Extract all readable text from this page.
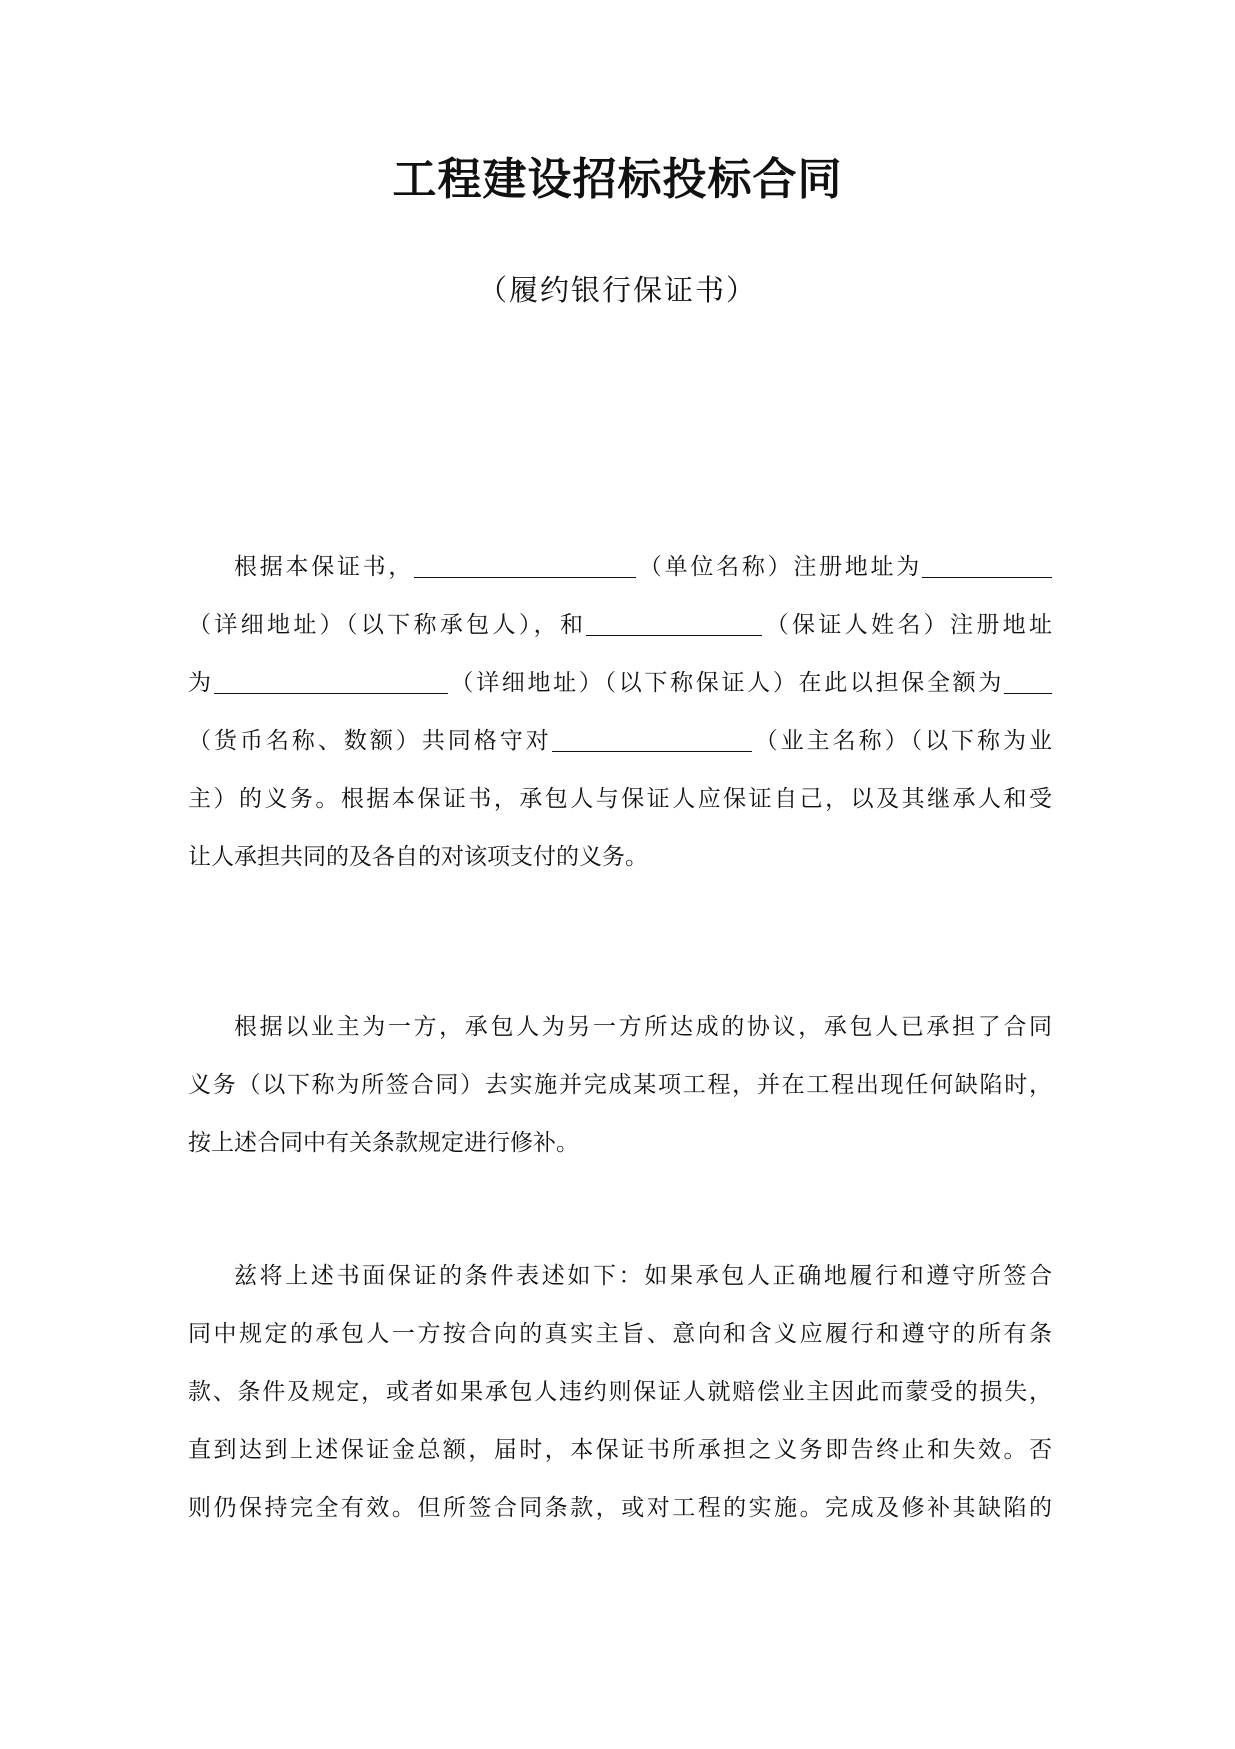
工程建设招标投标合同
（履约银行保证书）
根据本保证书，	（单位名称）注册地址为
（详细地址）（以下称承包人），和	（保证人姓名）注册地址
为	（详细地址）（以下称保证人）在此以担保全额为
（货币名称、数额）共同格守对	（业主名称）（以下称为业
主）的义务。根据本保证书，承包人与保证人应保证自己，以及其继承人和受
让人承担共同的及各自的对该项支付的义务。
根据以业主为一方，承包人为另一方所达成的协议，承包人已承担了合同
义务（以下称为所签合同）去实施并完成某项工程，并在工程出现任何缺陷时，
按上述合同中有关条款规定进行修补。
兹将上述书面保证的条件表述如下：如果承包人正确地履行和遵守所签合
同中规定的承包人一方按合向的真实主旨、意向和含义应履行和遵守的所有条
款、条件及规定，或者如果承包人违约则保证人就赔偿业主因此而蒙受的损失，
直到达到上述保证金总额，届时，本保证书所承担之义务即告终止和失效。否
则仍保持完全有效。但所签合同条款，或对工程的实施。完成及修补其缺陷的
